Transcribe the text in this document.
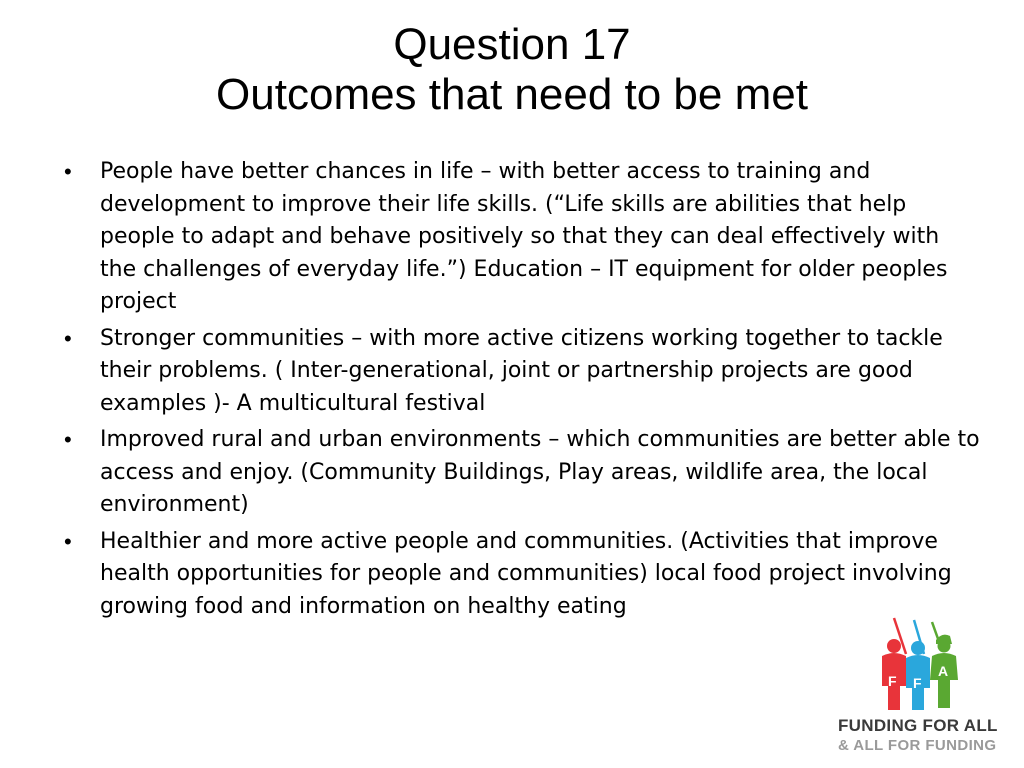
Question 17
Outcomes that need to be met
• People have better chances in life – with better access to training and development to improve their life skills. (“Life skills are abilities that help people to adapt and behave positively so that they can deal effectively with the challenges of everyday life.”) Education – IT equipment for older peoples project
• Stronger communities – with more active citizens working together to tackle their problems. ( Inter-generational, joint or partnership projects are good examples )- A multicultural festival
• Improved rural and urban environments – which communities are better able to access and enjoy. (Community Buildings, Play areas, wildlife area, the local environment)
• Healthier and more active people and communities. (Activities that improve health opportunities for people and communities) local food project involving growing food and information on healthy eating
F F
A
FUNDING FOR ALL
& ALL FOR FUNDING
